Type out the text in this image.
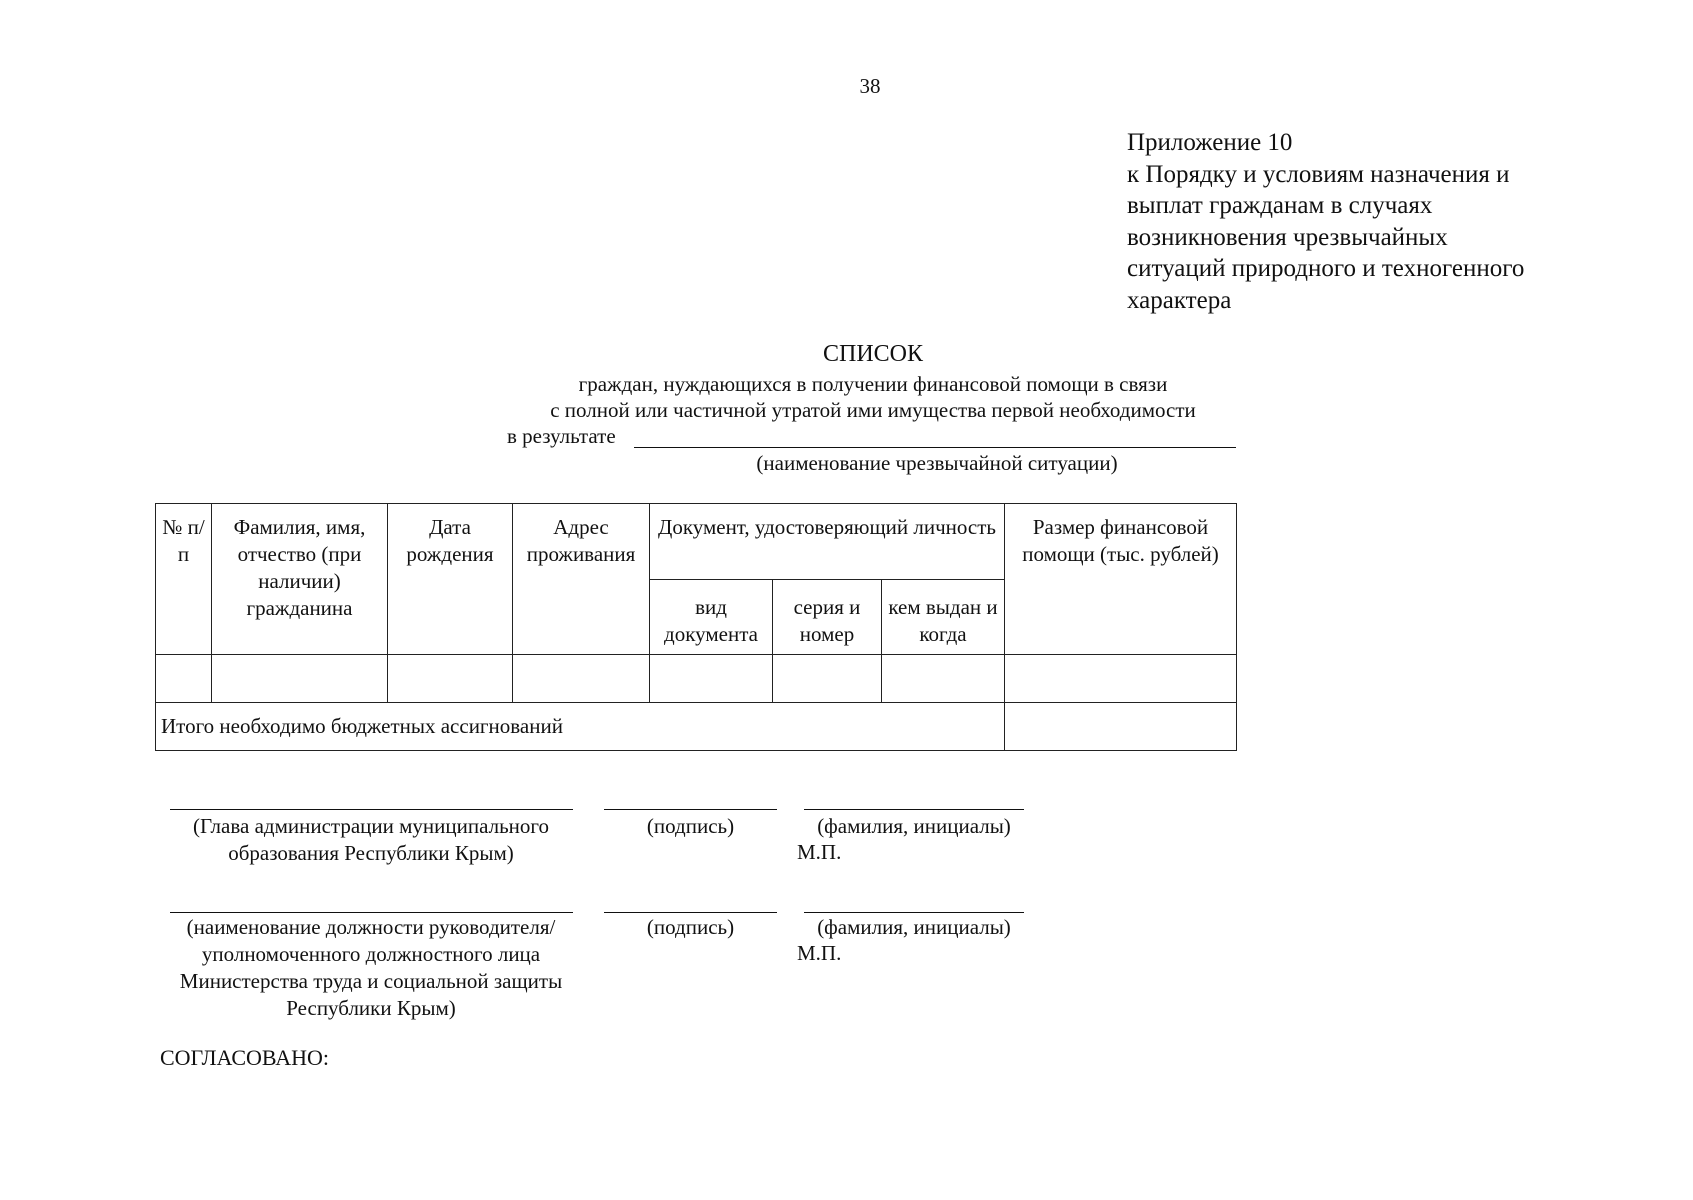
38
Приложение 10
к Порядку и условиям назначения и
выплат гражданам в случаях
возникновения чрезвычайных
ситуаций природного и техногенного
характера
СПИСОК
граждан, нуждающихся в получении финансовой помощи в связи
с полной или частичной утратой ими имущества первой необходимости
в результате
(наименование чрезвычайной ситуации)
№ п/п	Фамилия, имя, отчество (при наличии) гражданина	Дата рождения	Адрес проживания	Документ, удостоверяющий личность			Размер финансовой помощи (тыс. рублей)
				вид документа	серия и номер	кем выдан и когда	

Итого необходимо бюджетных ассигнований							
(Глава администрации муниципального образования Республики Крым)
(подпись)	(фамилия, инициалы)
М.П.
(наименование должности руководителя/уполномоченного должностного лица Министерства труда и социальной защиты Республики Крым)
(подпись)	(фамилия, инициалы)
М.П.
СОГЛАСОВАНО:
